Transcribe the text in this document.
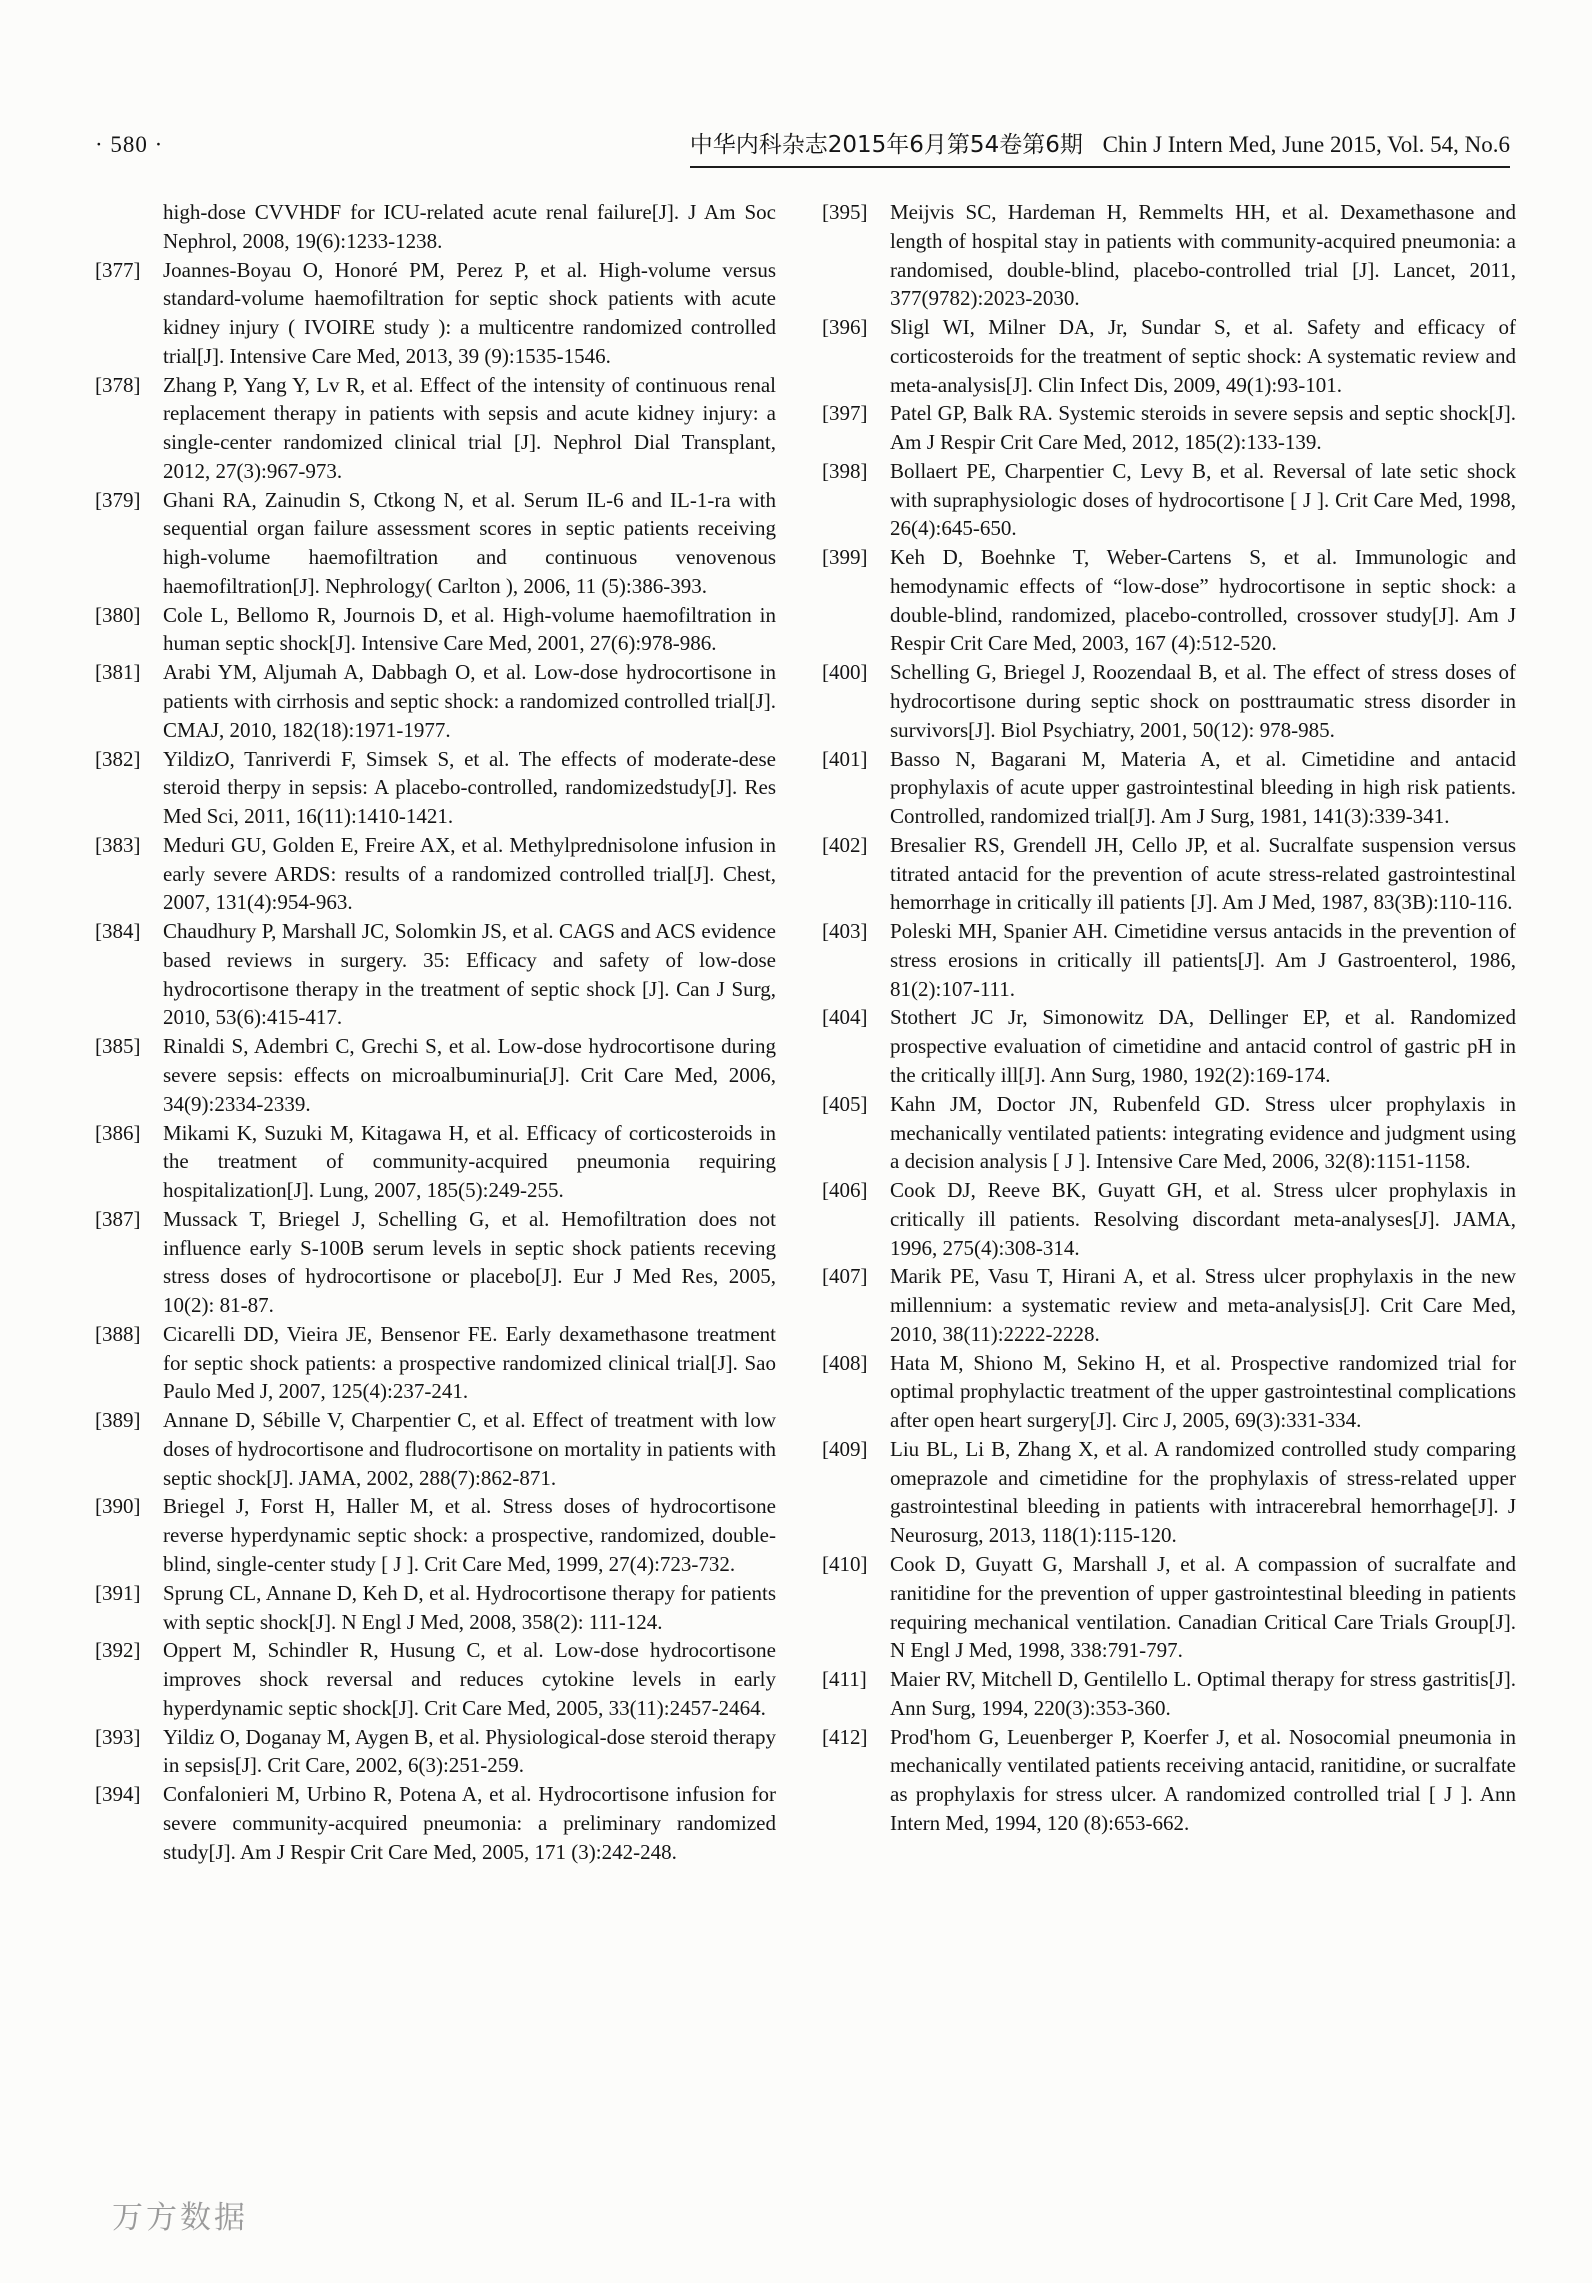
· 580 ·	中华内科杂志2015年6月第54卷第6期 Chin J Intern Med, June 2015, Vol. 54, No.6
high-dose CVVHDF for ICU-related acute renal failure[J]. J Am Soc Nephrol, 2008, 19(6):1233-1238.
[377]	Joannes-Boyau O, Honoré PM, Perez P, et al. High-volume versus standard-volume haemofiltration for septic shock patients with acute kidney injury ( IVOIRE study ): a multicentre randomized controlled trial[J]. Intensive Care Med, 2013, 39 (9):1535-1546.
[378]	Zhang P, Yang Y, Lv R, et al. Effect of the intensity of continuous renal replacement therapy in patients with sepsis and acute kidney injury: a single-center randomized clinical trial [J]. Nephrol Dial Transplant, 2012, 27(3):967-973.
[379]	Ghani RA, Zainudin S, Ctkong N, et al. Serum IL-6 and IL-1-ra with sequential organ failure assessment scores in septic patients receiving high-volume haemofiltration and continuous venovenous haemofiltration[J]. Nephrology( Carlton ), 2006, 11 (5):386-393.
[380]	Cole L, Bellomo R, Journois D, et al. High-volume haemofiltration in human septic shock[J]. Intensive Care Med, 2001, 27(6):978-986.
[381]	Arabi YM, Aljumah A, Dabbagh O, et al. Low-dose hydrocortisone in patients with cirrhosis and septic shock: a randomized controlled trial[J]. CMAJ, 2010, 182(18):1971-1977.
[382]	YildizO, Tanriverdi F, Simsek S, et al. The effects of moderate-dese steroid therpy in sepsis: A placebo-controlled, randomizedstudy[J]. Res Med Sci, 2011, 16(11):1410-1421.
[383]	Meduri GU, Golden E, Freire AX, et al. Methylprednisolone infusion in early severe ARDS: results of a randomized controlled trial[J]. Chest, 2007, 131(4):954-963.
[384]	Chaudhury P, Marshall JC, Solomkin JS, et al. CAGS and ACS evidence based reviews in surgery. 35: Efficacy and safety of low-dose hydrocortisone therapy in the treatment of septic shock [J]. Can J Surg, 2010, 53(6):415-417.
[385]	Rinaldi S, Adembri C, Grechi S, et al. Low-dose hydrocortisone during severe sepsis: effects on microalbuminuria[J]. Crit Care Med, 2006, 34(9):2334-2339.
[386]	Mikami K, Suzuki M, Kitagawa H, et al. Efficacy of corticosteroids in the treatment of community-acquired pneumonia requiring hospitalization[J]. Lung, 2007, 185(5):249-255.
[387]	Mussack T, Briegel J, Schelling G, et al. Hemofiltration does not influence early S-100B serum levels in septic shock patients receving stress doses of hydrocortisone or placebo[J]. Eur J Med Res, 2005, 10(2): 81-87.
[388]	Cicarelli DD, Vieira JE, Bensenor FE. Early dexamethasone treatment for septic shock patients: a prospective randomized clinical trial[J]. Sao Paulo Med J, 2007, 125(4):237-241.
[389]	Annane D, Sébille V, Charpentier C, et al. Effect of treatment with low doses of hydrocortisone and fludrocortisone on mortality in patients with septic shock[J]. JAMA, 2002, 288(7):862-871.
[390]	Briegel J, Forst H, Haller M, et al. Stress doses of hydrocortisone reverse hyperdynamic septic shock: a prospective, randomized, double-blind, single-center study [ J ]. Crit Care Med, 1999, 27(4):723-732.
[391]	Sprung CL, Annane D, Keh D, et al. Hydrocortisone therapy for patients with septic shock[J]. N Engl J Med, 2008, 358(2): 111-124.
[392]	Oppert M, Schindler R, Husung C, et al. Low-dose hydrocortisone improves shock reversal and reduces cytokine levels in early hyperdynamic septic shock[J]. Crit Care Med, 2005, 33(11):2457-2464.
[393]	Yildiz O, Doganay M, Aygen B, et al. Physiological-dose steroid therapy in sepsis[J]. Crit Care, 2002, 6(3):251-259.
[394]	Confalonieri M, Urbino R, Potena A, et al. Hydrocortisone infusion for severe community-acquired pneumonia: a preliminary randomized study[J]. Am J Respir Crit Care Med, 2005, 171 (3):242-248.
[395]	Meijvis SC, Hardeman H, Remmelts HH, et al. Dexamethasone and length of hospital stay in patients with community-acquired pneumonia: a randomised, double-blind, placebo-controlled trial [J]. Lancet, 2011, 377(9782):2023-2030.
[396]	Sligl WI, Milner DA, Jr, Sundar S, et al. Safety and efficacy of corticosteroids for the treatment of septic shock: A systematic review and meta-analysis[J]. Clin Infect Dis, 2009, 49(1):93-101.
[397]	Patel GP, Balk RA. Systemic steroids in severe sepsis and septic shock[J]. Am J Respir Crit Care Med, 2012, 185(2):133-139.
[398]	Bollaert PE, Charpentier C, Levy B, et al. Reversal of late setic shock with supraphysiologic doses of hydrocortisone [ J ]. Crit Care Med, 1998, 26(4):645-650.
[399]	Keh D, Boehnke T, Weber-Cartens S, et al. Immunologic and hemodynamic effects of “low-dose” hydrocortisone in septic shock: a double-blind, randomized, placebo-controlled, crossover study[J]. Am J Respir Crit Care Med, 2003, 167 (4):512-520.
[400]	Schelling G, Briegel J, Roozendaal B, et al. The effect of stress doses of hydrocortisone during septic shock on posttraumatic stress disorder in survivors[J]. Biol Psychiatry, 2001, 50(12): 978-985.
[401]	Basso N, Bagarani M, Materia A, et al. Cimetidine and antacid prophylaxis of acute upper gastrointestinal bleeding in high risk patients. Controlled, randomized trial[J]. Am J Surg, 1981, 141(3):339-341.
[402]	Bresalier RS, Grendell JH, Cello JP, et al. Sucralfate suspension versus titrated antacid for the prevention of acute stress-related gastrointestinal hemorrhage in critically ill patients [J]. Am J Med, 1987, 83(3B):110-116.
[403]	Poleski MH, Spanier AH. Cimetidine versus antacids in the prevention of stress erosions in critically ill patients[J]. Am J Gastroenterol, 1986, 81(2):107-111.
[404]	Stothert JC Jr, Simonowitz DA, Dellinger EP, et al. Randomized prospective evaluation of cimetidine and antacid control of gastric pH in the critically ill[J]. Ann Surg, 1980, 192(2):169-174.
[405]	Kahn JM, Doctor JN, Rubenfeld GD. Stress ulcer prophylaxis in mechanically ventilated patients: integrating evidence and judgment using a decision analysis [ J ]. Intensive Care Med, 2006, 32(8):1151-1158.
[406]	Cook DJ, Reeve BK, Guyatt GH, et al. Stress ulcer prophylaxis in critically ill patients. Resolving discordant meta-analyses[J]. JAMA, 1996, 275(4):308-314.
[407]	Marik PE, Vasu T, Hirani A, et al. Stress ulcer prophylaxis in the new millennium: a systematic review and meta-analysis[J]. Crit Care Med, 2010, 38(11):2222-2228.
[408]	Hata M, Shiono M, Sekino H, et al. Prospective randomized trial for optimal prophylactic treatment of the upper gastrointestinal complications after open heart surgery[J]. Circ J, 2005, 69(3):331-334.
[409]	Liu BL, Li B, Zhang X, et al. A randomized controlled study comparing omeprazole and cimetidine for the prophylaxis of stress-related upper gastrointestinal bleeding in patients with intracerebral hemorrhage[J]. J Neurosurg, 2013, 118(1):115-120.
[410]	Cook D, Guyatt G, Marshall J, et al. A compassion of sucralfate and ranitidine for the prevention of upper gastrointestinal bleeding in patients requiring mechanical ventilation. Canadian Critical Care Trials Group[J]. N Engl J Med, 1998, 338:791-797.
[411]	Maier RV, Mitchell D, Gentilello L. Optimal therapy for stress gastritis[J]. Ann Surg, 1994, 220(3):353-360.
[412]	Prod'hom G, Leuenberger P, Koerfer J, et al. Nosocomial pneumonia in mechanically ventilated patients receiving antacid, ranitidine, or sucralfate as prophylaxis for stress ulcer. A randomized controlled trial [ J ]. Ann Intern Med, 1994, 120 (8):653-662.
万方数据
